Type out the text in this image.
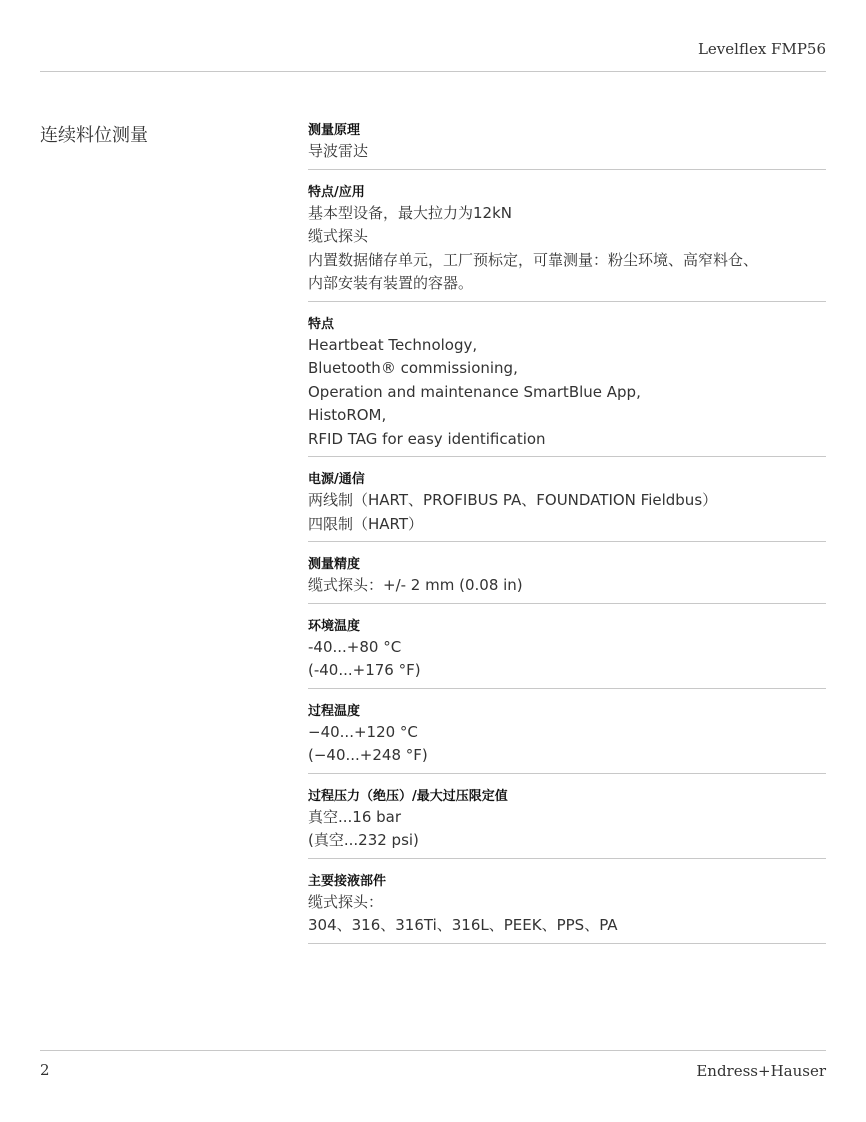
Levelflex FMP56
连续料位测量	测量原理
导波雷达
特点/应用
基本型设备，最大拉力为12kN
缆式探头
内置数据储存单元，工厂预标定，可靠测量：粉尘环境、高窄料仓、
内部安装有装置的容器。
特点
Heartbeat Technology,
Bluetooth® commissioning,
Operation and maintenance SmartBlue App,
HistoROM,
RFID TAG for easy identification
电源/通信
两线制（HART、PROFIBUS PA、FOUNDATION Fieldbus）
四限制（HART）
测量精度
缆式探头：+/- 2 mm (0.08 in)
环境温度
-40...+80 °C
(-40...+176 °F)
过程温度
−40...+120 °C
(−40...+248 °F)
过程压力（绝压）/最大过压限定值
真空...16 bar
(真空...232 psi)
主要接液部件
缆式探头：
304、316、316Ti、316L、PEEK、PPS、PA
2	Endress+Hauser
